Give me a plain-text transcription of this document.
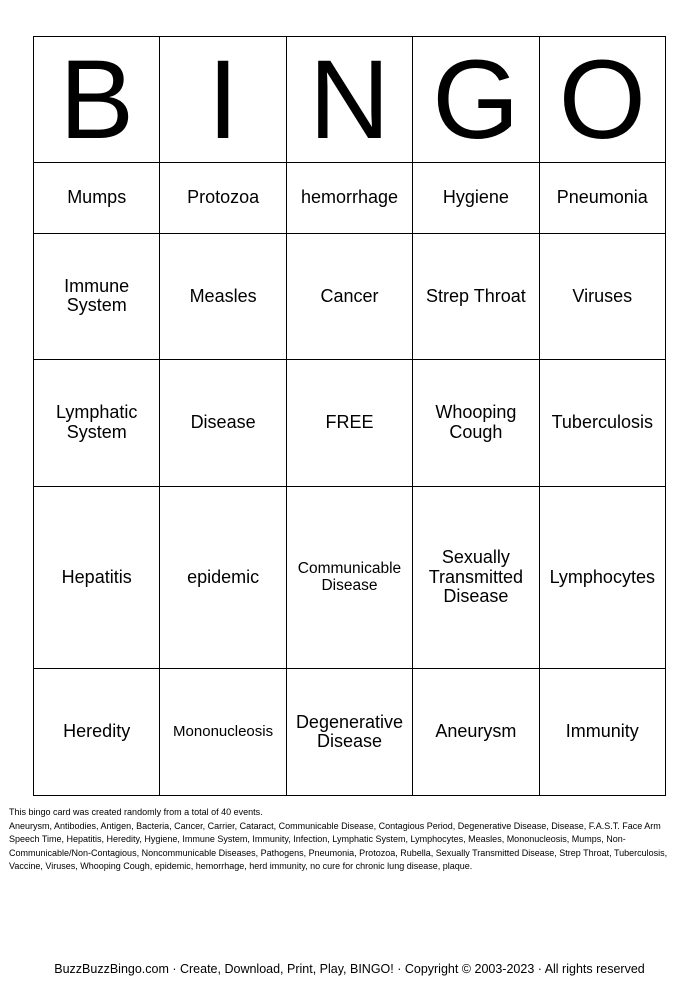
B	I	N	G	O
Mumps	Protozoa	hemorrhage	Hygiene	Pneumonia
Immune System	Measles	Cancer	Strep Throat	Viruses
Lymphatic System	Disease	FREE	Whooping Cough	Tuberculosis
Hepatitis	epidemic	Communicable Disease	Sexually Transmitted Disease	Lymphocytes
Heredity	Mononucleosis	Degenerative Disease	Aneurysm	Immunity
This bingo card was created randomly from a total of 40 events.
Aneurysm, Antibodies, Antigen, Bacteria, Cancer, Carrier, Cataract, Communicable Disease, Contagious Period, Degenerative Disease, Disease, F.A.S.T. Face Arm Speech Time, Hepatitis, Heredity, Hygiene, Immune System, Immunity, Infection, Lymphatic System, Lymphocytes, Measles, Mononucleosis, Mumps, Non-Communicable/Non-Contagious, Noncommunicable Diseases, Pathogens, Pneumonia, Protozoa, Rubella, Sexually Transmitted Disease, Strep Throat, Tuberculosis, Vaccine, Viruses, Whooping Cough, epidemic, hemorrhage, herd immunity, no cure for chronic lung disease, plaque.
BuzzBuzzBingo.com · Create, Download, Print, Play, BINGO! · Copyright © 2003-2023 · All rights reserved
